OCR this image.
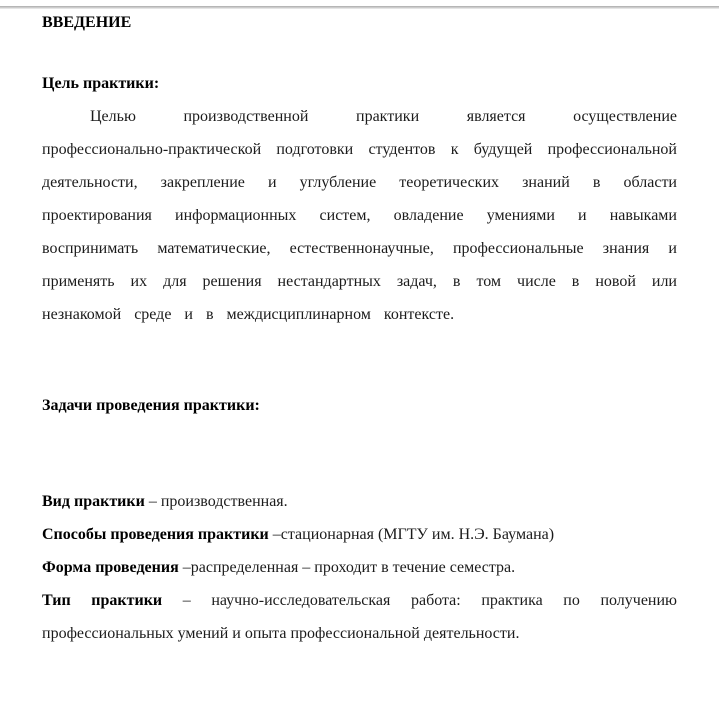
ВВЕДЕНИЕ
Цель практики:

Целью производственной практики является осуществление профессионально-практической подготовки студентов к будущей профессиональной деятельности, закрепление и углубление теоретических знаний в области проектирования информационных систем, овладение умениями и навыками воспринимать математические, естественнонаучные, профессиональные знания и применять их для решения нестандартных задач, в том числе в новой или незнакомой среде и в междисциплинарном контексте.

Задачи проведения практики:

Вид практики – производственная.

Способы проведения практики –стационарная (МГТУ им. Н.Э. Баумана)

Форма проведения –распределенная – проходит в течение семестра.

Тип практики – научно-исследовательская работа: практика по получению профессиональных умений и опыта профессиональной деятельности.
